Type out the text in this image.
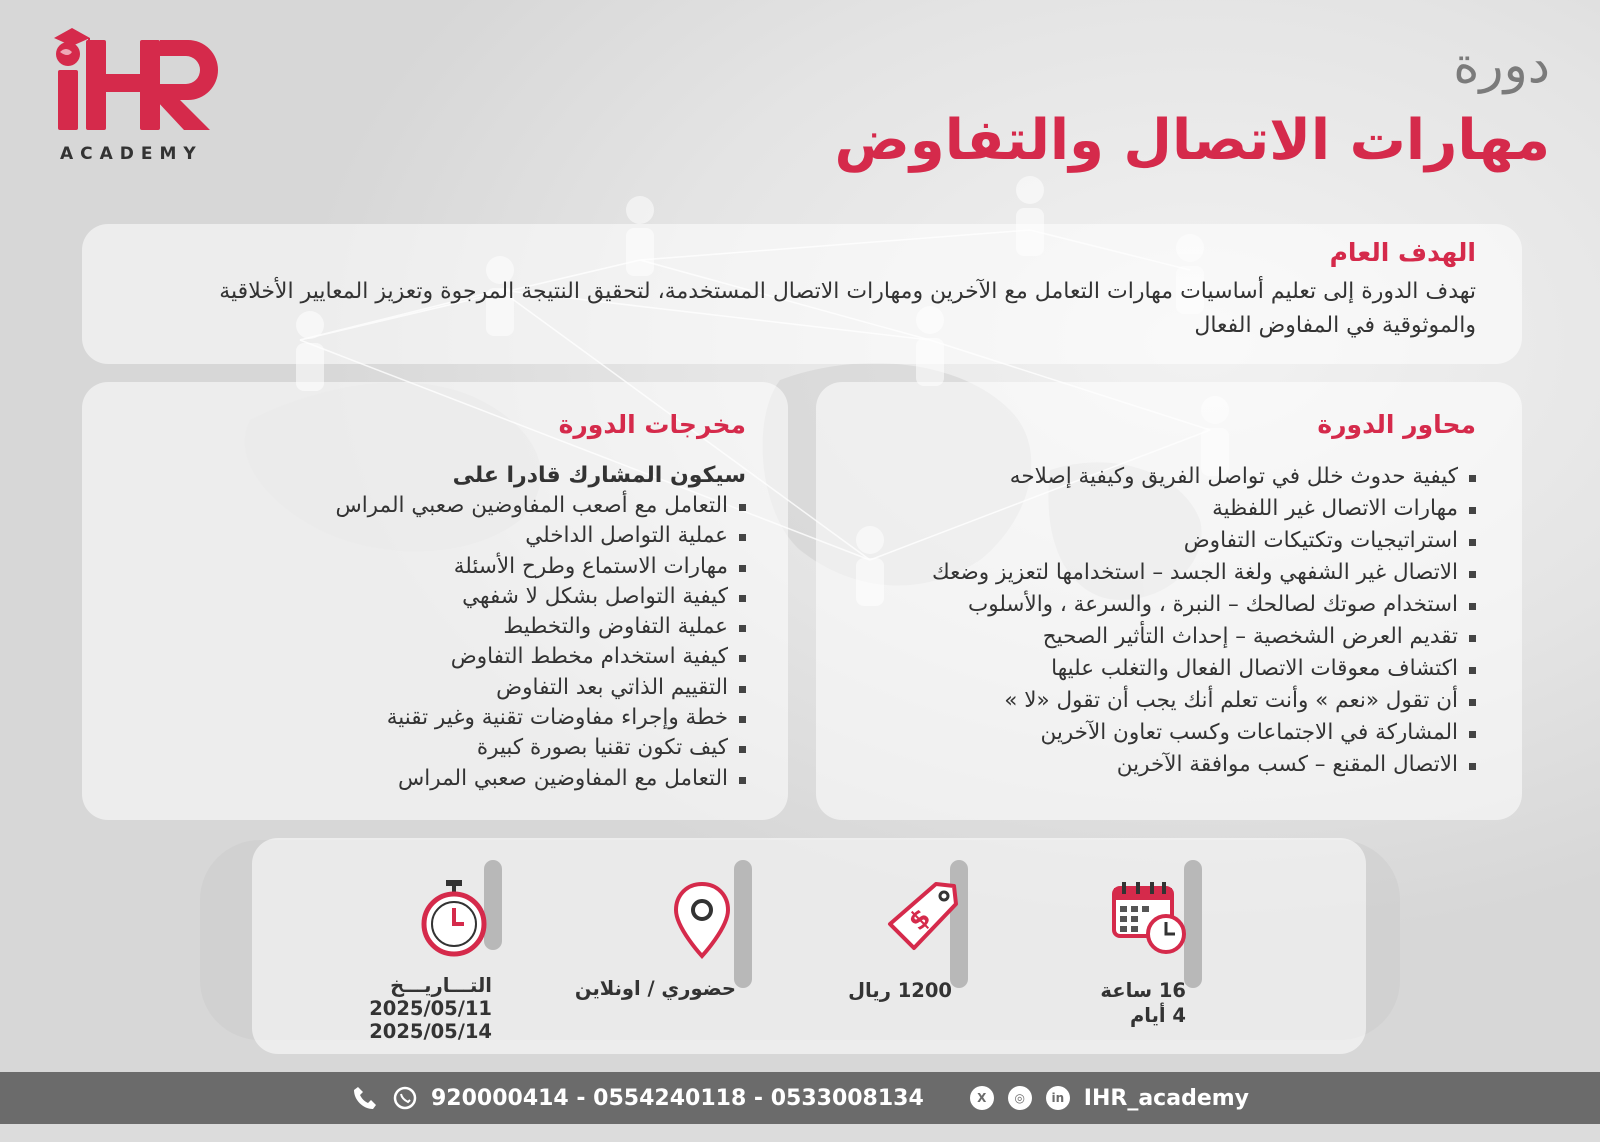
ACADEMY
دورة
مهارات الاتصال والتفاوض
الهدف العام

تهدف الدورة إلى تعليم أساسيات مهارات التعامل مع الآخرين ومهارات الاتصال المستخدمة، لتحقيق النتيجة المرجوة وتعزيز المعايير الأخلاقية والموثوقية في المفاوض الفعال

محاور الدورة
كيفية حدوث خلل في تواصل الفريق وكيفية إصلاحه
مهارات الاتصال غير اللفظية
استراتيجيات وتكتيكات التفاوض
الاتصال غير الشفهي ولغة الجسد – استخدامها لتعزيز وضعك
استخدام صوتك لصالحك – النبرة ، والسرعة ، والأسلوب
تقديم العرض الشخصية – إحداث التأثير الصحيح
اكتشاف معوقات الاتصال الفعال والتغلب عليها
أن تقول «نعم » وأنت تعلم أنك يجب أن تقول «لا »
المشاركة في الاجتماعات وكسب تعاون الآخرين
الاتصال المقنع – كسب موافقة الآخرين
مخرجات الدورة
سيكون المشارك قادرا على
التعامل مع أصعب المفاوضين صعبي المراس
عملية التواصل الداخلي
مهارات الاستماع وطرح الأسئلة
كيفية التواصل بشكل لا شفهي
عملية التفاوض والتخطيط
كيفية استخدام مخطط التفاوض
التقييم الذاتي بعد التفاوض
خطة وإجراء مفاوضات تقنية وغير تقنية
كيف تكون تقنيا بصورة كبيرة
التعامل مع المفاوضين صعبي المراس
16 ساعة
4 أيام
$
1200 ريال
حضوري / اونلاين
التـــاريـــخ
2025/05/11
2025/05/14
920000414 - 0554240118 - 0533008134	X	◎	in IHR_academy
